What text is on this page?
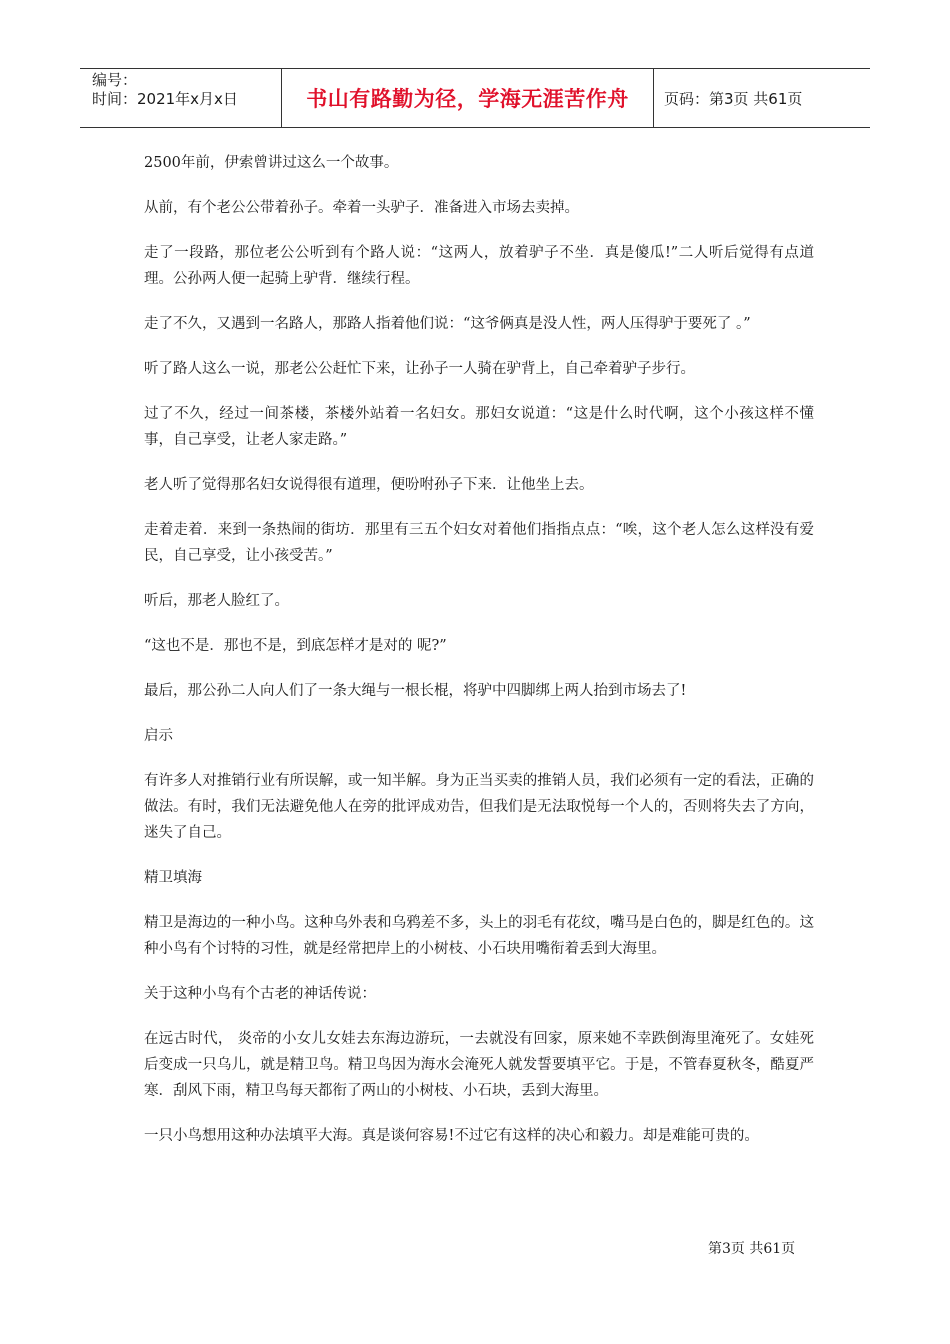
编号：
时间：2021年x月x日	书山有路勤为径，学海无涯苦作舟	页码：第3页 共61页

2500年前，伊索曾讲过这么一个故事。

从前，有个老公公带着孙子。牵着一头驴子．准备进入市场去卖掉。

走了一段路，那位老公公听到有个路人说：“这两人，放着驴子不坐．真是傻瓜!”二人听后觉得有点道理。公孙两人便一起骑上驴背．继续行程。

走了不久，又遇到一名路人，那路人指着他们说：“这爷俩真是没人性，两人压得驴于要死了 。”

听了路人这么一说，那老公公赶忙下来，让孙子一人骑在驴背上，自己牵着驴子步行。

过了不久，经过一间茶楼，茶楼外站着一名妇女。那妇女说道：“这是什么时代啊，这个小孩这样不懂事，自己享受，让老人家走路。”

老人听了觉得那名妇女说得很有道理，便吩咐孙子下来．让他坐上去。

走着走着．来到一条热闹的街坊．那里有三五个妇女对着他们指指点点：“唉，这个老人怎么这样没有爱民，自己享受，让小孩受苦。”

听后，那老人脸红了。

“这也不是．那也不是，到底怎样才是对的 呢?”

最后，那公孙二人向人们了一条大绳与一根长棍，将驴中四脚绑上两人抬到市场去了!

启示

有许多人对推销行业有所误解，或一知半解。身为正当买卖的推销人员，我们必须有一定的看法，正确的做法。有时，我们无法避免他人在旁的批评成劝告，但我们是无法取悦每一个人的，否则将失去了方向，迷失了自己。

精卫填海

精卫是海边的一种小鸟。这种乌外表和乌鸦差不多，头上的羽毛有花纹，嘴马是白色的，脚是红色的。这种小鸟有个讨特的习性，就是经常把岸上的小树枝、小石块用嘴衔着丢到大海里。

关于这种小鸟有个古老的神话传说：

在远古时代， 炎帝的小女儿女娃去东海边游玩，一去就没有回家，原来她不幸跌倒海里淹死了。女娃死后变成一只乌儿，就是精卫鸟。精卫鸟因为海水会淹死人就发誓要填平它。于是，不管春夏秋冬，酷夏严寒．刮风下雨，精卫鸟每天都衔了两山的小树枝、小石块，丢到大海里。

一只小鸟想用这种办法填平大海。真是谈何容易!不过它有这样的决心和毅力。却是难能可贵的。

第3页 共61页
